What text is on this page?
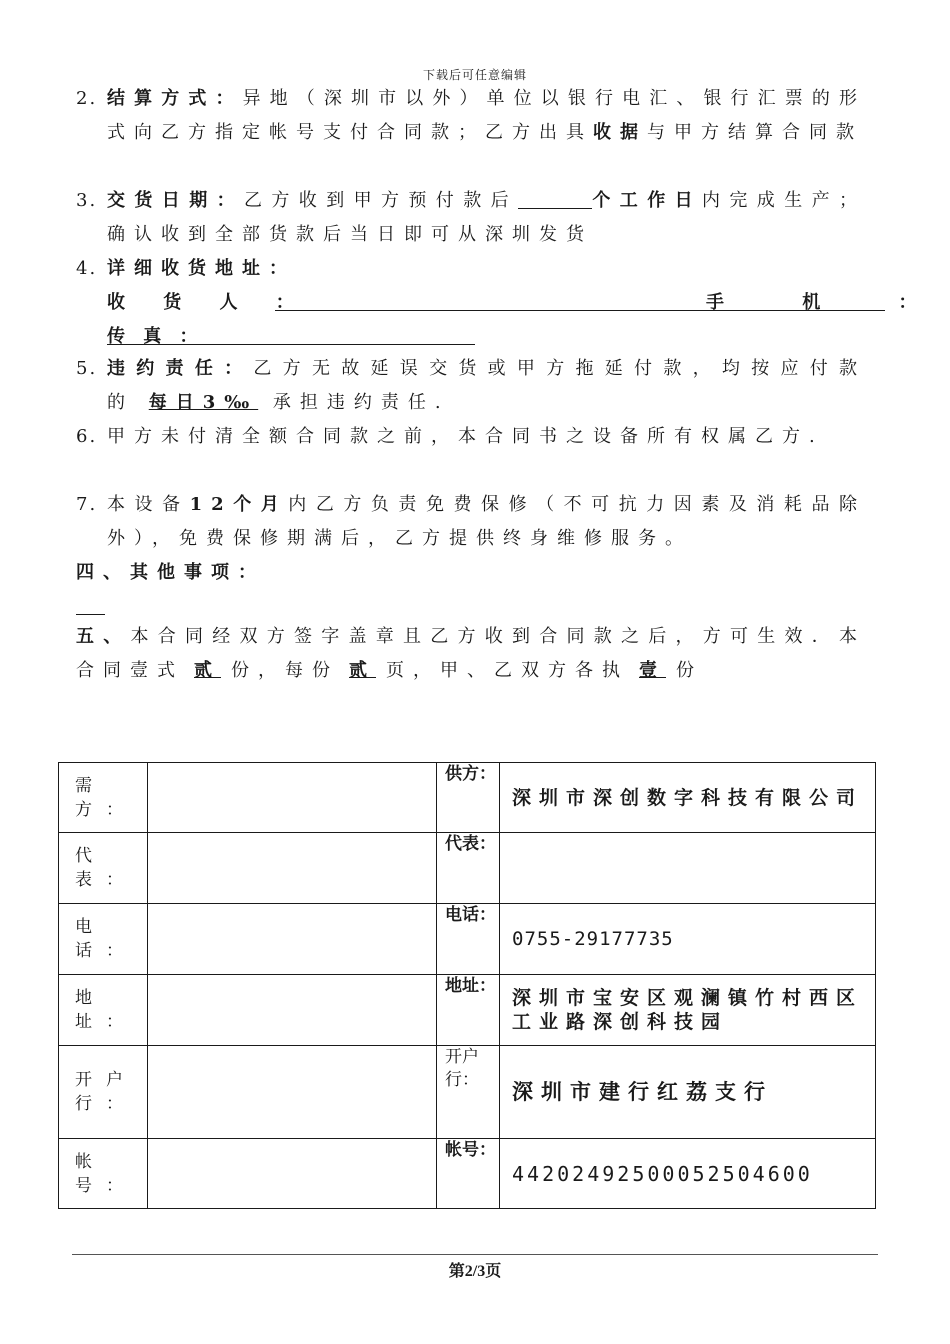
下载后可任意编辑
2. 结算方式：异地（深圳市以外）单位以银行电汇、银行汇票的形式向乙方指定帐号支付合同款；乙方出具收据与甲方结算合同款
3. 交货日期：乙方收到甲方预付款后	个工作日内完成生产；确认收到全部货款后当日即可从深圳发货
4. 详细收货地址：
收 货 人 ：	手　 机　 ：
传 真 ：
5. 违约责任：乙方无故延误交货或甲方拖延付款，均按应付款的 每日3‰ 承担违约责任.
6. 甲方未付清全额合同款之前，本合同书之设备所有权属乙方.
7. 本设备12个月内乙方负责免费保修（不可抗力因素及消耗品除外），免费保修期满后，乙方提供终身维修服务。
四、其他事项：
五、本合同经双方签字盖章且乙方收到合同款之后，方可生效．本合同壹式 贰 份，每份 贰 页，甲、乙双方各执 壹 份
需方：		供方：	深圳市深创数字科技有限公司
代表：		代表：	
电话：		电话：	0755-29177735
地址：		地址：	深圳市宝安区观澜镇竹村西区工业路深创科技园
开户行：		开户行：	深圳市建行红荔支行
帐号：		帐号：	44202492500052504600
第2/3页
